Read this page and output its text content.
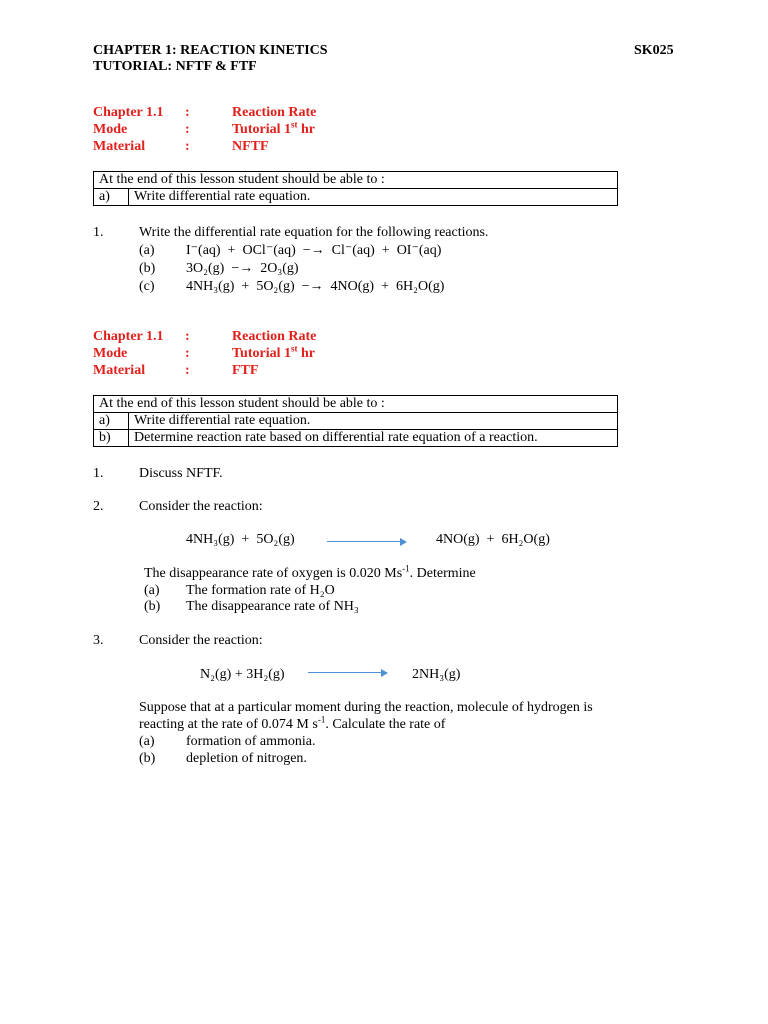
CHAPTER 1: REACTION KINETICS	SK025
TUTORIAL: NFTF & FTF
Chapter 1.1 :	Reaction Rate
Mode	:	Tutorial 1st hr
Material	:	NFTF
At the end of this lesson student should be able to :
a)	Write differential rate equation.
1.	Write the differential rate equation for the following reactions.
(a) I⁻(aq)  +  OCl⁻(aq)  −→  Cl⁻(aq)  +  OI⁻(aq)
(b) 3O₂(g)  −→  2O₃(g)
(c) 4NH₃(g)  +  5O₂(g)  −→  4NO(g)  +  6H₂O(g)
Chapter 1.1 :	Reaction Rate
Mode	:	Tutorial 1st hr
Material	:	FTF
At the end of this lesson student should be able to :	
a)	Write differential rate equation.
b)	Determine reaction rate based on differential rate equation of a reaction.
1.	Discuss NFTF.
2.	Consider the reaction:
4NH₃(g)  +  5O₂(g)	4NO(g)  +  6H₂O(g)
The disappearance rate of oxygen is 0.020 $Ms^{-1}$. Determine
(a) The formation rate of H₂O
(b) The disappearance rate of NH₃
3.	Consider the reaction:
N₂(g) + 3H₂(g)	2NH₃(g)
Suppose that at a particular moment during the reaction, molecule of hydrogen is
reacting at the rate of 0.074 M $s^{-1}$. Calculate the rate of
(a) formation of ammonia.
(b) depletion of nitrogen.
